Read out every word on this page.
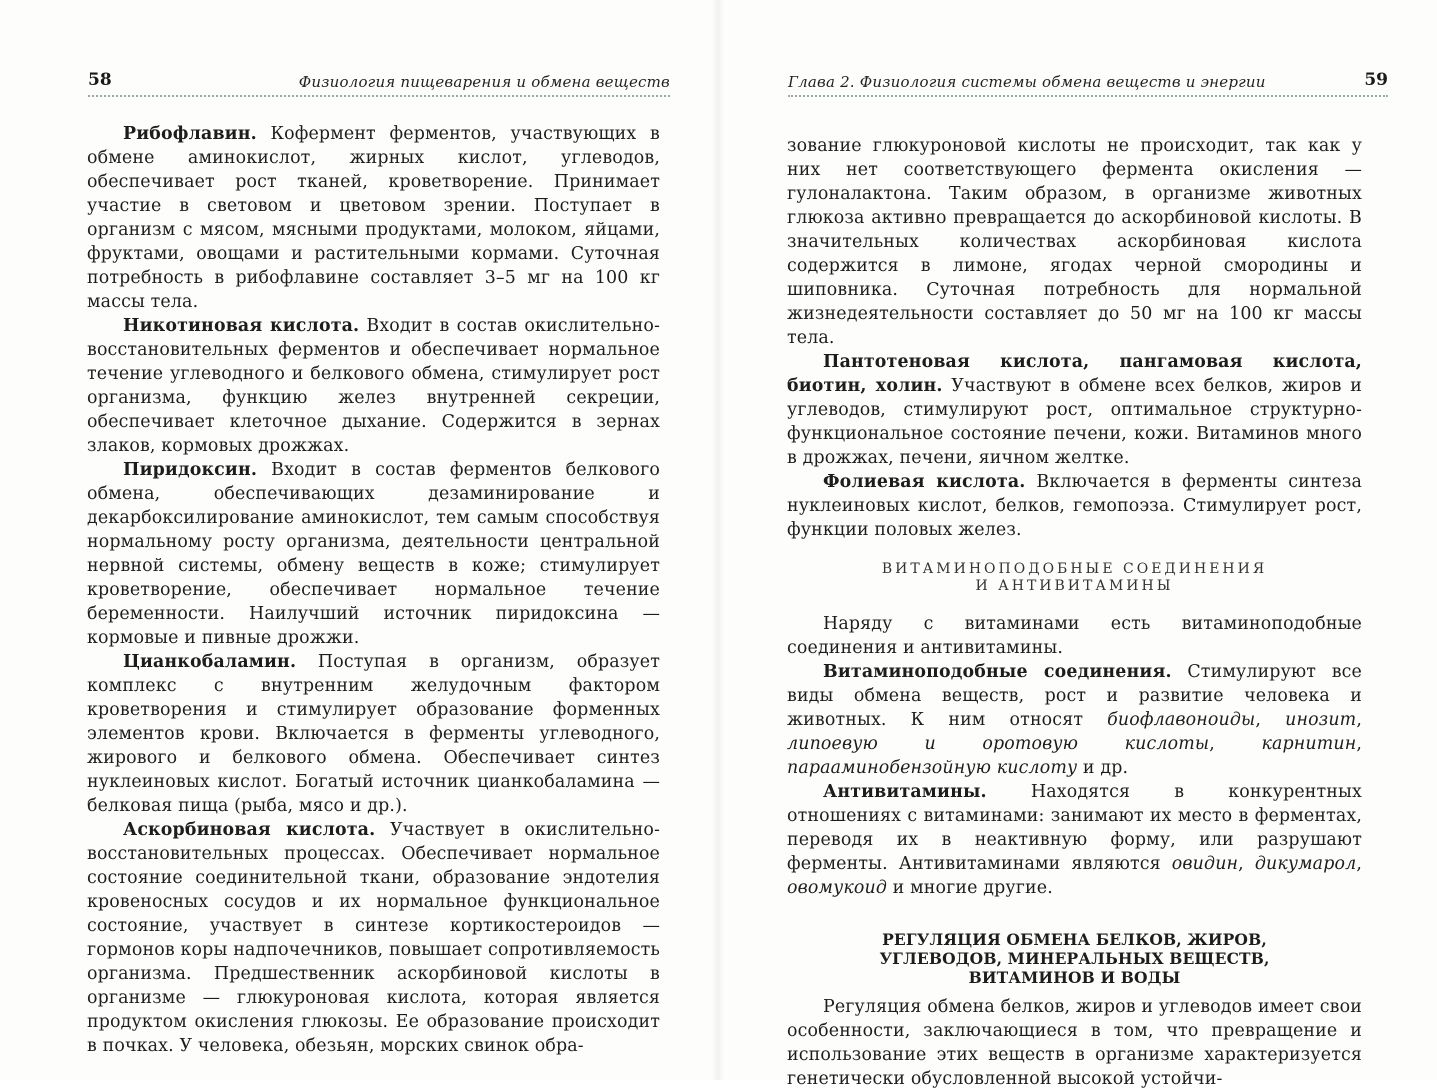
58	Физиология пищеварения и обмена веществ

Рибофлавин. Кофермент ферментов, участвующих в обмене аминокислот, жирных кислот, углеводов, обеспечивает рост тканей, кроветворение. Принимает участие в световом и цветовом зрении. Поступает в организм с мясом, мясными продуктами, молоком, яйцами, фруктами, овощами и растительными кормами. Суточная потребность в рибофлавине составляет 3–5 мг на 100 кг массы тела.

Никотиновая кислота. Входит в состав окислительно-восстановительных ферментов и обеспечивает нормальное течение углеводного и белкового обмена, стимулирует рост организма, функцию желез внутренней секреции, обеспечивает клеточное дыхание. Содержится в зернах злаков, кормовых дрожжах.

Пиридоксин. Входит в состав ферментов белкового обмена, обеспечивающих дезаминирование и декарбоксилирование аминокислот, тем самым способствуя нормальному росту организма, деятельности центральной нервной системы, обмену веществ в коже; стимулирует кроветворение, обеспечивает нормальное течение беременности. Наилучший источник пиридоксина — кормовые и пивные дрожжи.

Цианкобаламин. Поступая в организм, образует комплекс с внутренним желудочным фактором кроветворения и стимулирует образование форменных элементов крови. Включается в ферменты углеводного, жирового и белкового обмена. Обеспечивает синтез нуклеиновых кислот. Богатый источник цианкобаламина — белковая пища (рыба, мясо и др.).

Аскорбиновая кислота. Участвует в окислительно-восстановительных процессах. Обеспечивает нормальное состояние соединительной ткани, образование эндотелия кровеносных сосудов и их нормальное функциональное состояние, участвует в синтезе кортикостероидов — гормонов коры надпочечников, повышает сопротивляемость организма. Предшественник аскорбиновой кислоты в организме — глюкуроновая кислота, которая является продуктом окисления глюкозы. Ее образование происходит в почках. У человека, обезьян, морских свинок обра-

Глава 2. Физиология системы обмена веществ и энергии	59

зование глюкуроновой кислоты не происходит, так как у них нет соответствующего фермента окисления — гулоналактона. Таким образом, в организме животных глюкоза активно превращается до аскорбиновой кислоты. В значительных количествах аскорбиновая кислота содержится в лимоне, ягодах черной смородины и шиповника. Суточная потребность для нормальной жизнедеятельности составляет до 50 мг на 100 кг массы тела.

Пантотеновая кислота, пангамовая кислота, биотин, холин. Участвуют в обмене всех белков, жиров и углеводов, стимулируют рост, оптимальное структурно-функциональное состояние печени, кожи. Витаминов много в дрожжах, печени, яичном желтке.

Фолиевая кислота. Включается в ферменты синтеза нуклеиновых кислот, белков, гемопоэза. Стимулирует рост, функции половых желез.

ВИТАМИНОПОДОБНЫЕ СОЕДИНЕНИЯ
И АНТИВИТАМИНЫ

Наряду с витаминами есть витаминоподобные соединения и антивитамины.

Витаминоподобные соединения. Стимулируют все виды обмена веществ, рост и развитие человека и животных. К ним относят биофлавоноиды, инозит, липоевую и оротовую кислоты, карнитин, парааминобензойную кислоту и др.

Антивитамины. Находятся в конкурентных отношениях с витаминами: занимают их место в ферментах, переводя их в неактивную форму, или разрушают ферменты. Антивитаминами являются овидин, дикумарол, овомукоид и многие другие.

РЕГУЛЯЦИЯ ОБМЕНА БЕЛКОВ, ЖИРОВ,
УГЛЕВОДОВ, МИНЕРАЛЬНЫХ ВЕЩЕСТВ,
ВИТАМИНОВ И ВОДЫ

Регуляция обмена белков, жиров и углеводов имеет свои особенности, заключающиеся в том, что превращение и использование этих веществ в организме характеризуется генетически обусловленной высокой устойчи-
